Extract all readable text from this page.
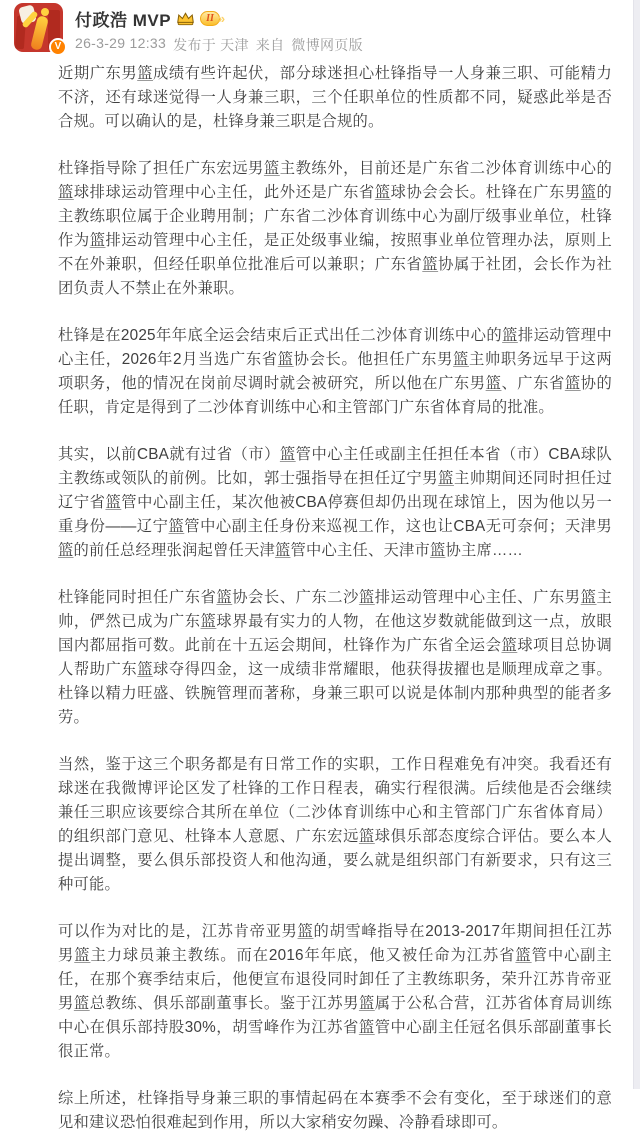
V
付政浩 MVP	II »
26-3-29 12:33 发布于 天津 来自 微博网页版

近期广东男篮成绩有些许起伏，部分球迷担心杜锋指导一人身兼三职、可能精力不济，还有球迷觉得一人身兼三职，三个任职单位的性质都不同，疑惑此举是否合规。可以确认的是，杜锋身兼三职是合规的。

杜锋指导除了担任广东宏远男篮主教练外，目前还是广东省二沙体育训练中心的篮球排球运动管理中心主任，此外还是广东省篮球协会会长。杜锋在广东男篮的主教练职位属于企业聘用制；广东省二沙体育训练中心为副厅级事业单位，杜锋作为篮排运动管理中心主任，是正处级事业编，按照事业单位管理办法，原则上不在外兼职，但经任职单位批准后可以兼职；广东省篮协属于社团，会长作为社团负责人不禁止在外兼职。

杜锋是在2025年年底全运会结束后正式出任二沙体育训练中心的篮排运动管理中心主任，2026年2月当选广东省篮协会长。他担任广东男篮主帅职务远早于这两项职务，他的情况在岗前尽调时就会被研究，所以他在广东男篮、广东省篮协的任职，肯定是得到了二沙体育训练中心和主管部门广东省体育局的批准。

其实，以前CBA就有过省（市）篮管中心主任或副主任担任本省（市）CBA球队主教练或领队的前例。比如，郭士强指导在担任辽宁男篮主帅期间还同时担任过辽宁省篮管中心副主任，某次他被CBA停赛但却仍出现在球馆上，因为他以另一重身份——辽宁篮管中心副主任身份来巡视工作，这也让CBA无可奈何；天津男篮的前任总经理张润起曾任天津篮管中心主任、天津市篮协主席……

杜锋能同时担任广东省篮协会长、广东二沙篮排运动管理中心主任、广东男篮主帅，俨然已成为广东篮球界最有实力的人物，在他这岁数就能做到这一点，放眼国内都屈指可数。此前在十五运会期间，杜锋作为广东省全运会篮球项目总协调人帮助广东篮球夺得四金，这一成绩非常耀眼，他获得拔擢也是顺理成章之事。杜锋以精力旺盛、铁腕管理而著称，身兼三职可以说是体制内那种典型的能者多劳。

当然，鉴于这三个职务都是有日常工作的实职，工作日程难免有冲突。我看还有球迷在我微博评论区发了杜锋的工作日程表，确实行程很满。后续他是否会继续兼任三职应该要综合其所在单位（二沙体育训练中心和主管部门广东省体育局）的组织部门意见、杜锋本人意愿、广东宏远篮球俱乐部态度综合评估。要么本人提出调整，要么俱乐部投资人和他沟通，要么就是组织部门有新要求，只有这三种可能。

可以作为对比的是，江苏肯帝亚男篮的胡雪峰指导在2013-2017年期间担任江苏男篮主力球员兼主教练。而在2016年年底，他又被任命为江苏省篮管中心副主任，在那个赛季结束后，他便宣布退役同时卸任了主教练职务，荣升江苏肯帝亚男篮总教练、俱乐部副董事长。鉴于江苏男篮属于公私合营，江苏省体育局训练中心在俱乐部持股30%，胡雪峰作为江苏省篮管中心副主任冠名俱乐部副董事长很正常。

综上所述，杜锋指导身兼三职的事情起码在本赛季不会有变化，至于球迷们的意见和建议恐怕很难起到作用，所以大家稍安勿躁、冷静看球即可。
